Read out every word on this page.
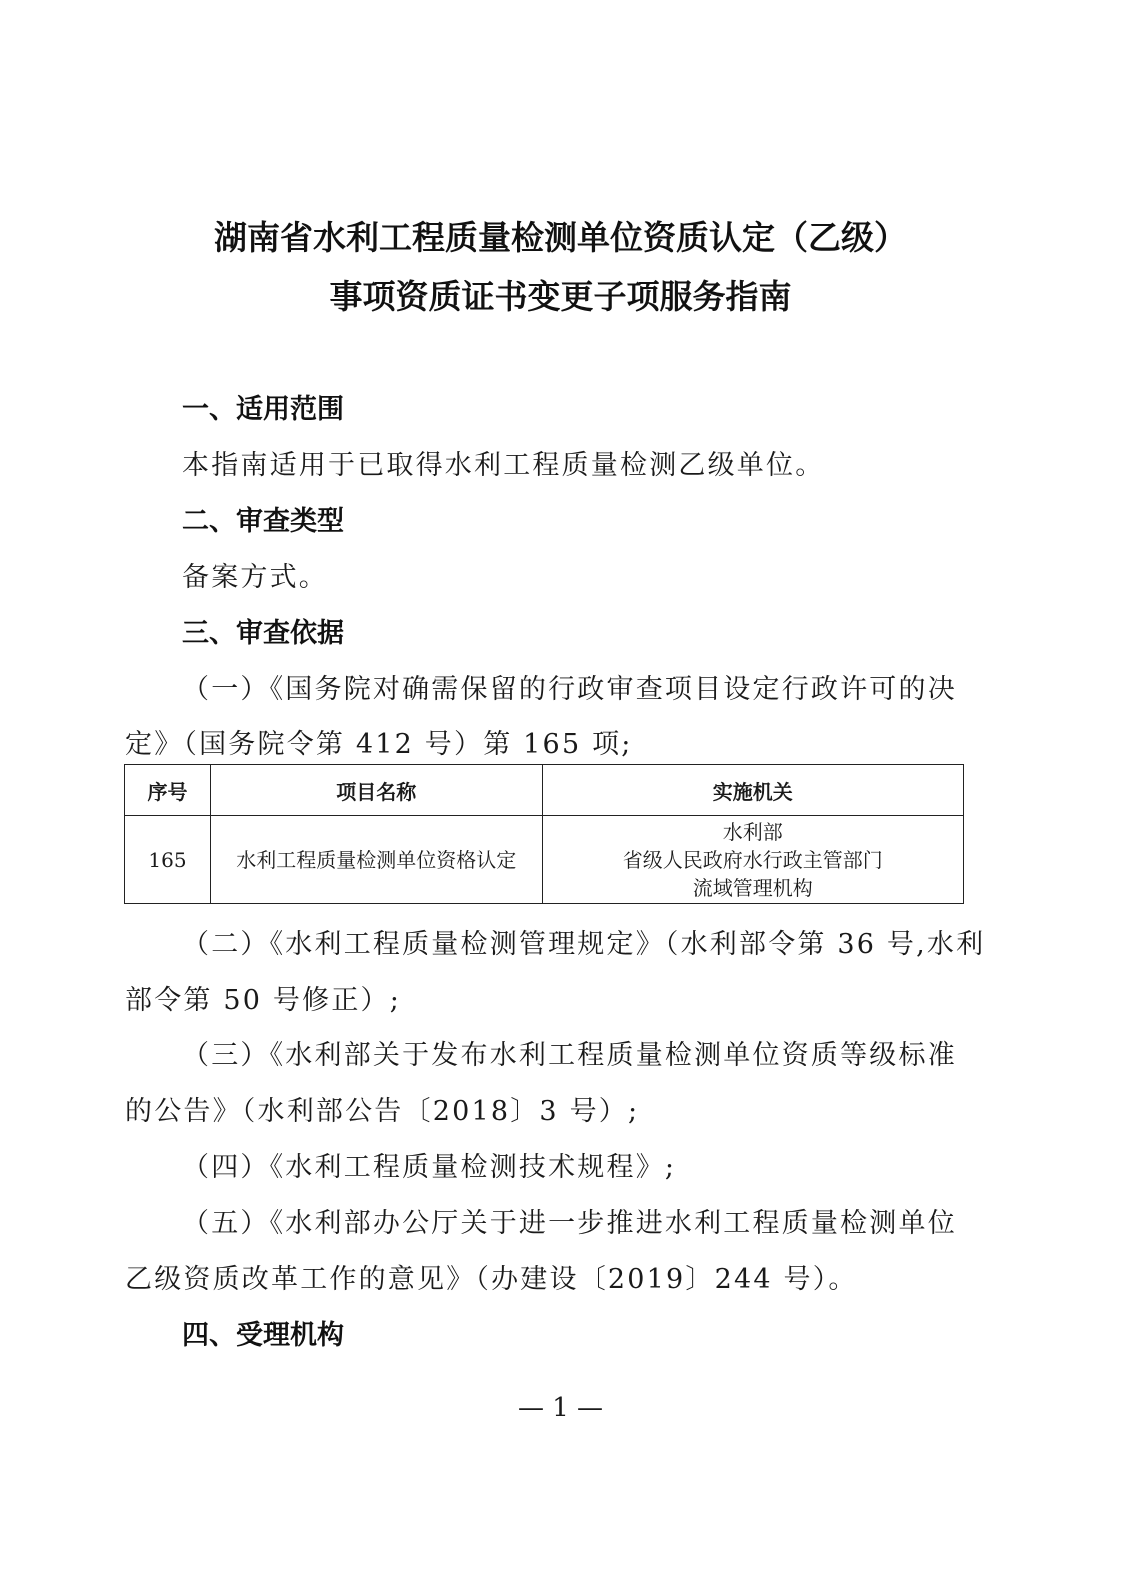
湖南省水利工程质量检测单位资质认定（乙级）
事项资质证书变更子项服务指南
一、适用范围
本指南适用于已取得水利工程质量检测乙级单位。
二、审查类型
备案方式。
三、审查依据
（一）《国务院对确需保留的行政审查项目设定行政许可的决
定》（国务院令第 412 号）第 165 项;
序号	项目名称	实施机关
165	水利工程质量检测单位资格认定	水利部
省级人民政府水行政主管部门
流域管理机构
（二）《水利工程质量检测管理规定》（水利部令第 36 号,水利
部令第 50 号修正）;
（三）《水利部关于发布水利工程质量检测单位资质等级标准
的公告》（水利部公告〔2018〕3 号）;
（四）《水利工程质量检测技术规程》;
（五）《水利部办公厅关于进一步推进水利工程质量检测单位
乙级资质改革工作的意见》（办建设〔2019〕244 号）。
四、受理机构
— 1 —
